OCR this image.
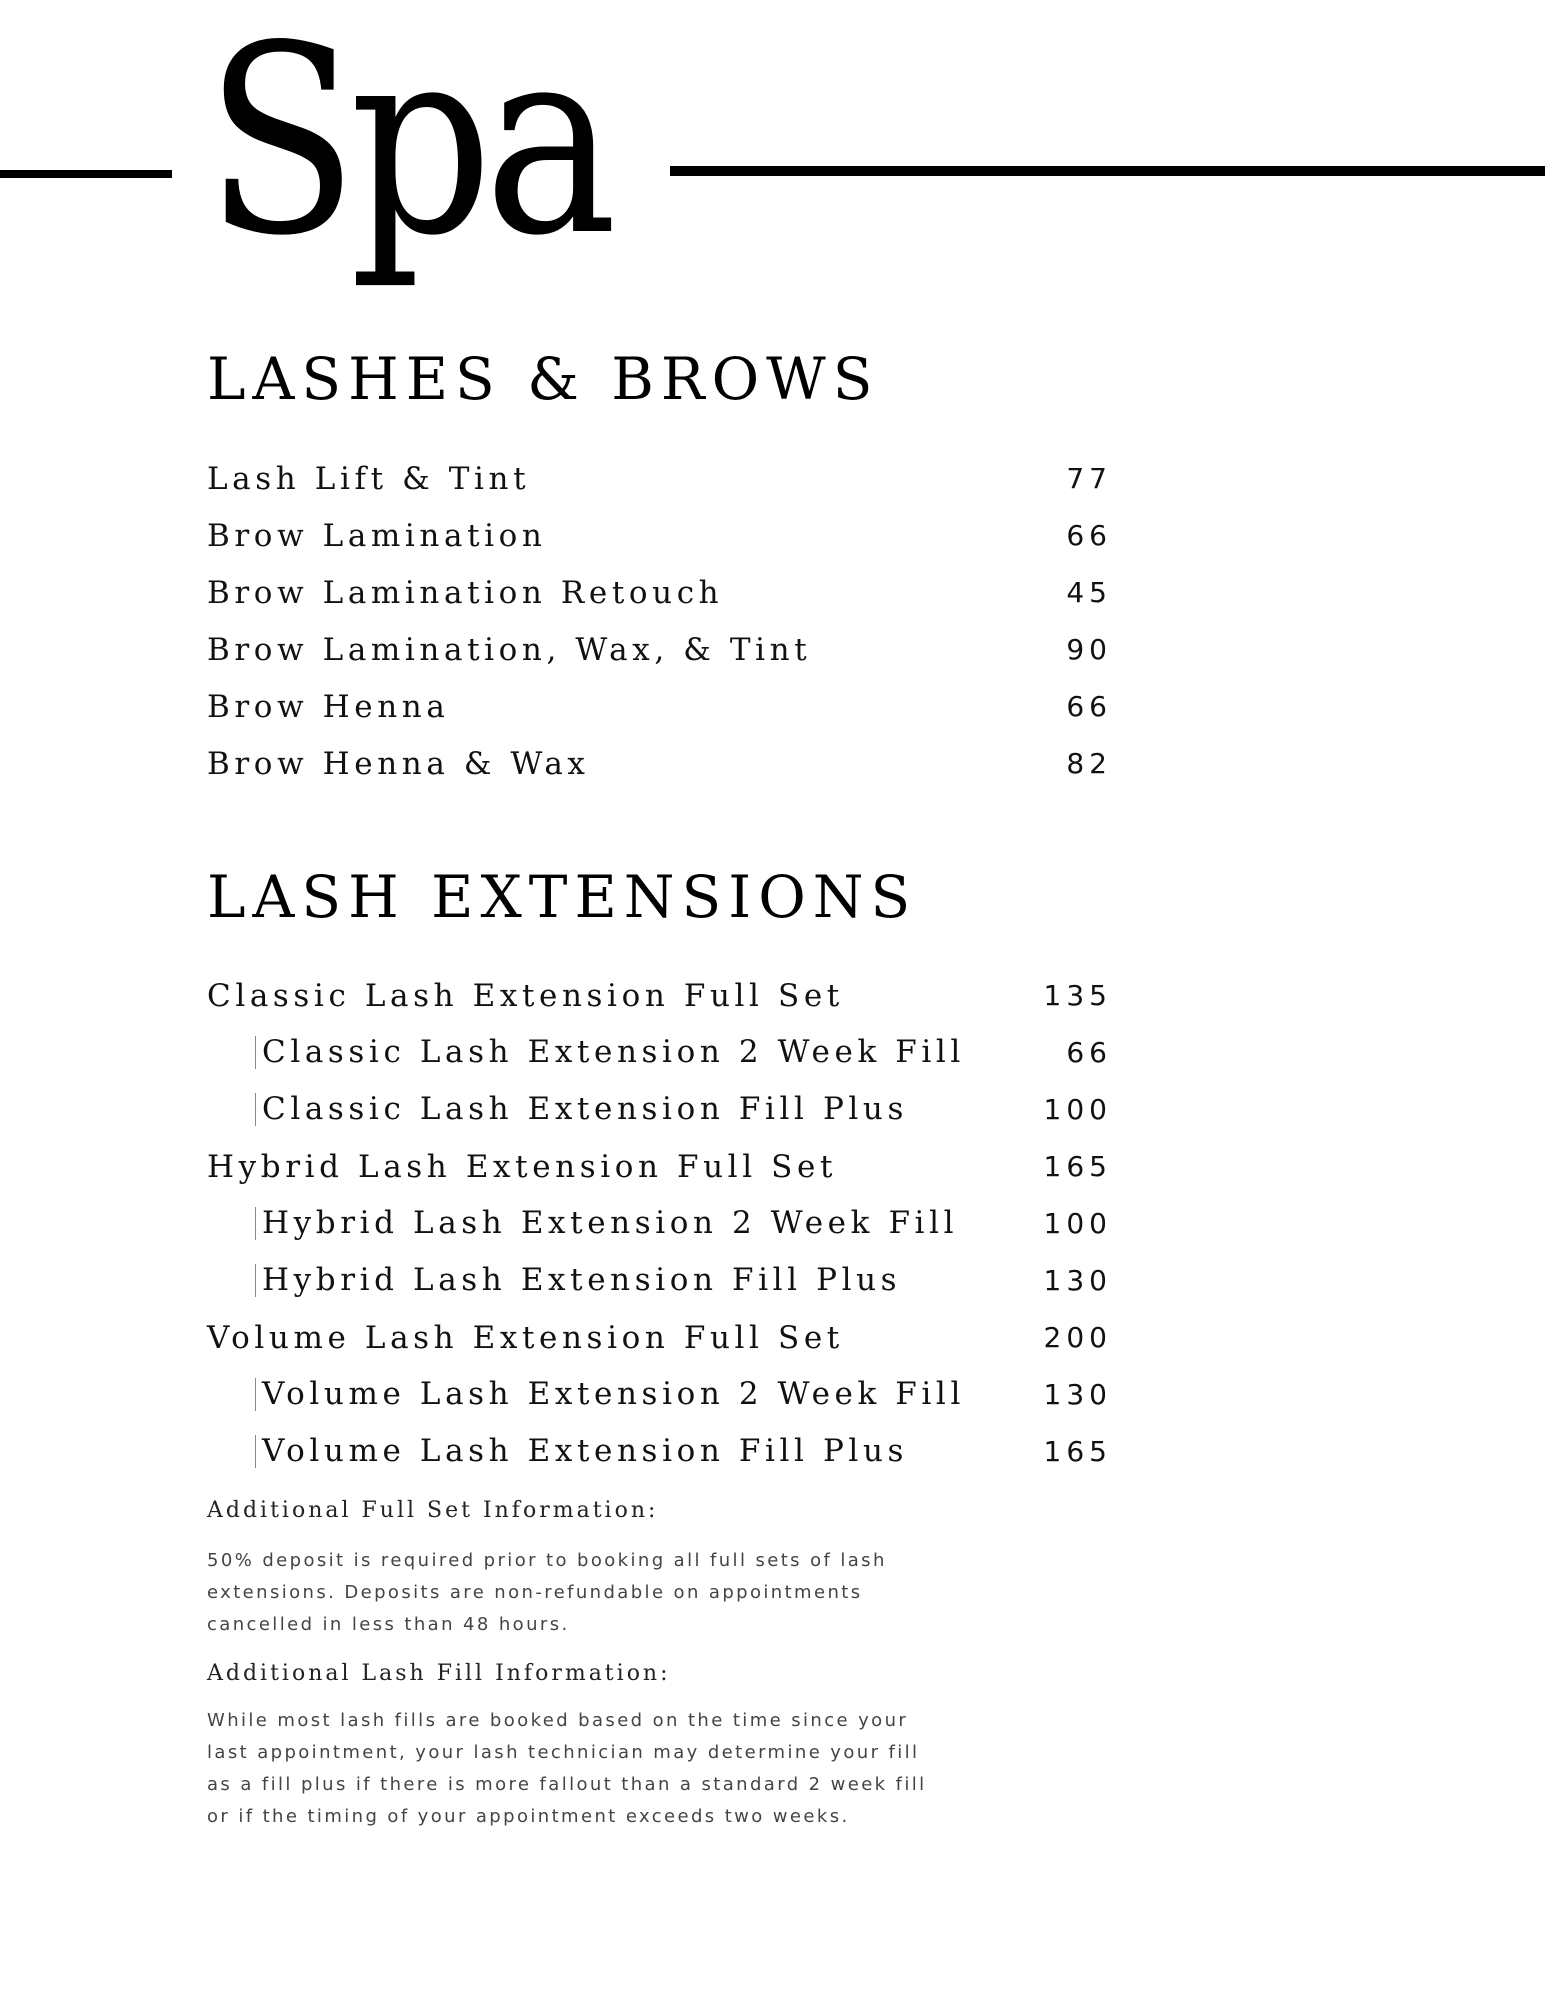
Spa
LASHES & BROWS
Lash Lift & Tint	77
Brow Lamination	66
Brow Lamination Retouch	45
Brow Lamination, Wax, & Tint	90
Brow Henna	66
Brow Henna & Wax	82
LASH EXTENSIONS
Classic Lash Extension Full Set	135
Classic Lash Extension 2 Week Fill	66
Classic Lash Extension Fill Plus	100
Hybrid Lash Extension Full Set	165
Hybrid Lash Extension 2 Week Fill	100
Hybrid Lash Extension Fill Plus	130
Volume Lash Extension Full Set	200
Volume Lash Extension 2 Week Fill	130
Volume Lash Extension Fill Plus	165
Additional Full Set Information:

50% deposit is required prior to booking all full sets of lash extensions. Deposits are non-refundable on appointments cancelled in less than 48 hours.

Additional Lash Fill Information:

While most lash fills are booked based on the time since your last appointment, your lash technician may determine your fill as a fill plus if there is more fallout than a standard 2 week fill or if the timing of your appointment exceeds two weeks.
